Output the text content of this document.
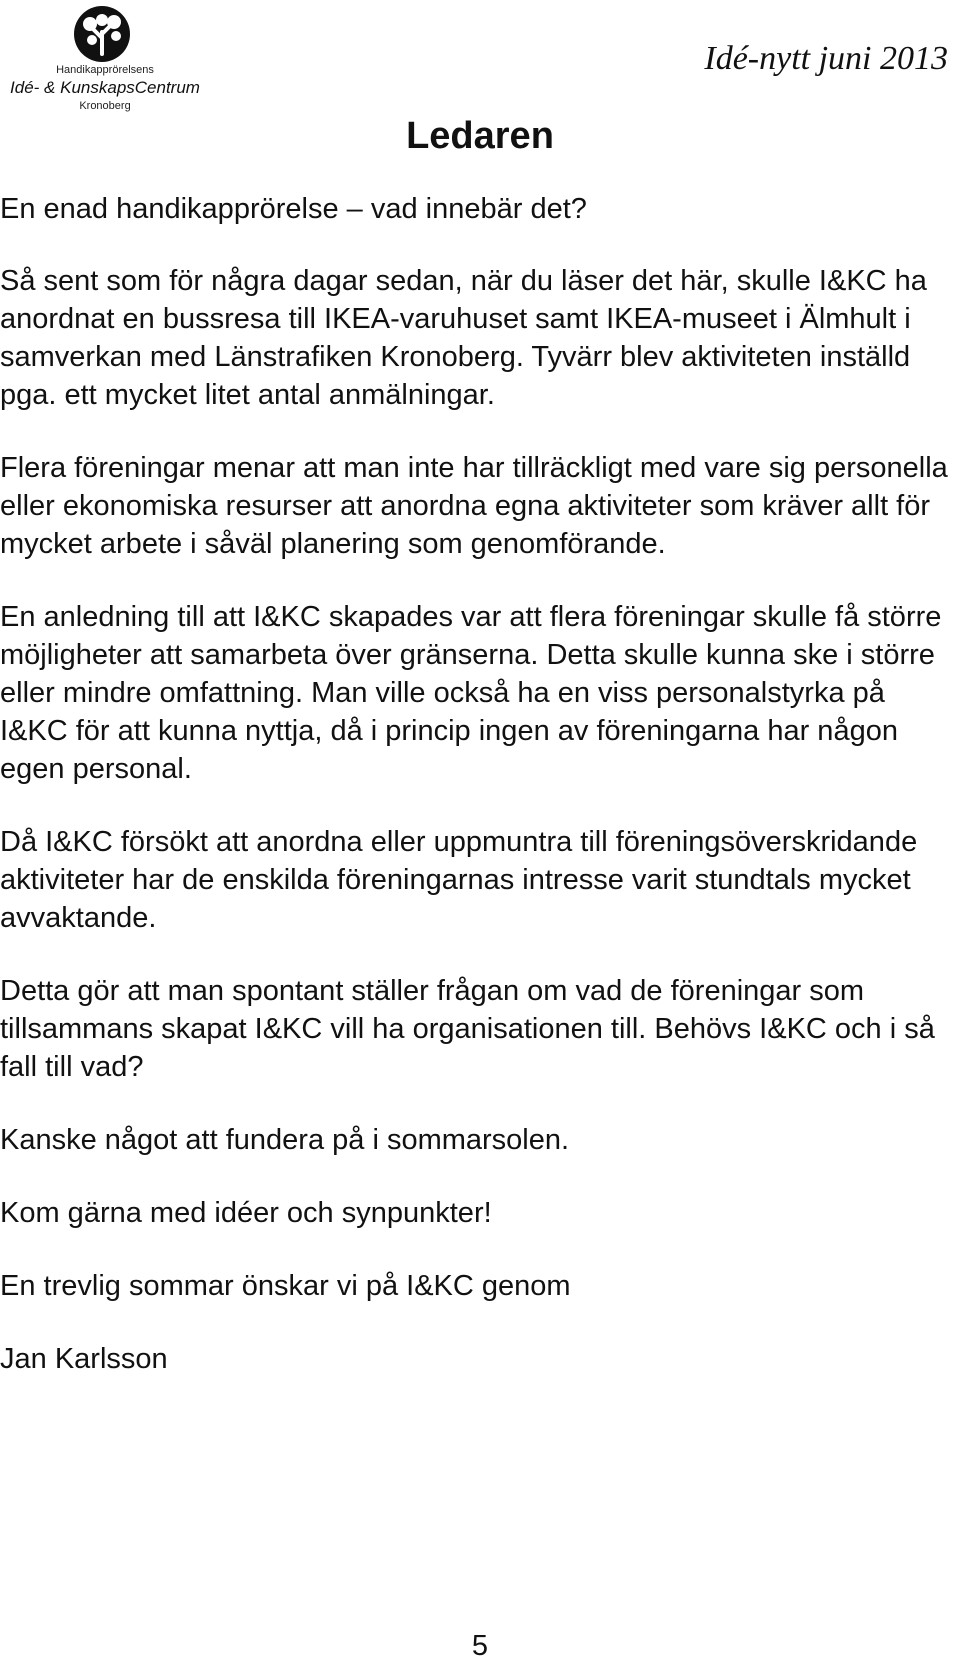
Handikapprörelsens
Idé- & KunskapsCentrum
Kronoberg
Idé-nytt juni 2013
Ledaren

En enad handikapprörelse – vad innebär det?

Så sent som för några dagar sedan, när du läser det här, skulle I&KC ha anordnat en bussresa till IKEA-varuhuset samt IKEA-museet i Älmhult i samverkan med Länstrafiken Kronoberg. Tyvärr blev aktiviteten inställd pga. ett mycket litet antal anmälningar.

Flera föreningar menar att man inte har tillräckligt med vare sig personella eller ekonomiska resurser att anordna egna aktiviteter som kräver allt för mycket arbete i såväl planering som genomförande.

En anledning till att I&KC skapades var att flera föreningar skulle få större möjligheter att samarbeta över gränserna. Detta skulle kunna ske i större eller mindre omfattning. Man ville också ha en viss personalstyrka på I&KC för att kunna nyttja, då i princip ingen av föreningarna har någon egen personal.

Då I&KC försökt att anordna eller uppmuntra till föreningsöverskridande aktiviteter har de enskilda föreningarnas intresse varit stundtals mycket avvaktande.

Detta gör att man spontant ställer frågan om vad de föreningar som tillsammans skapat I&KC vill ha organisationen till. Behövs I&KC och i så fall till vad?

Kanske något att fundera på i sommarsolen.

Kom gärna med idéer och synpunkter!

En trevlig sommar önskar vi på I&KC genom

Jan Karlsson

5
